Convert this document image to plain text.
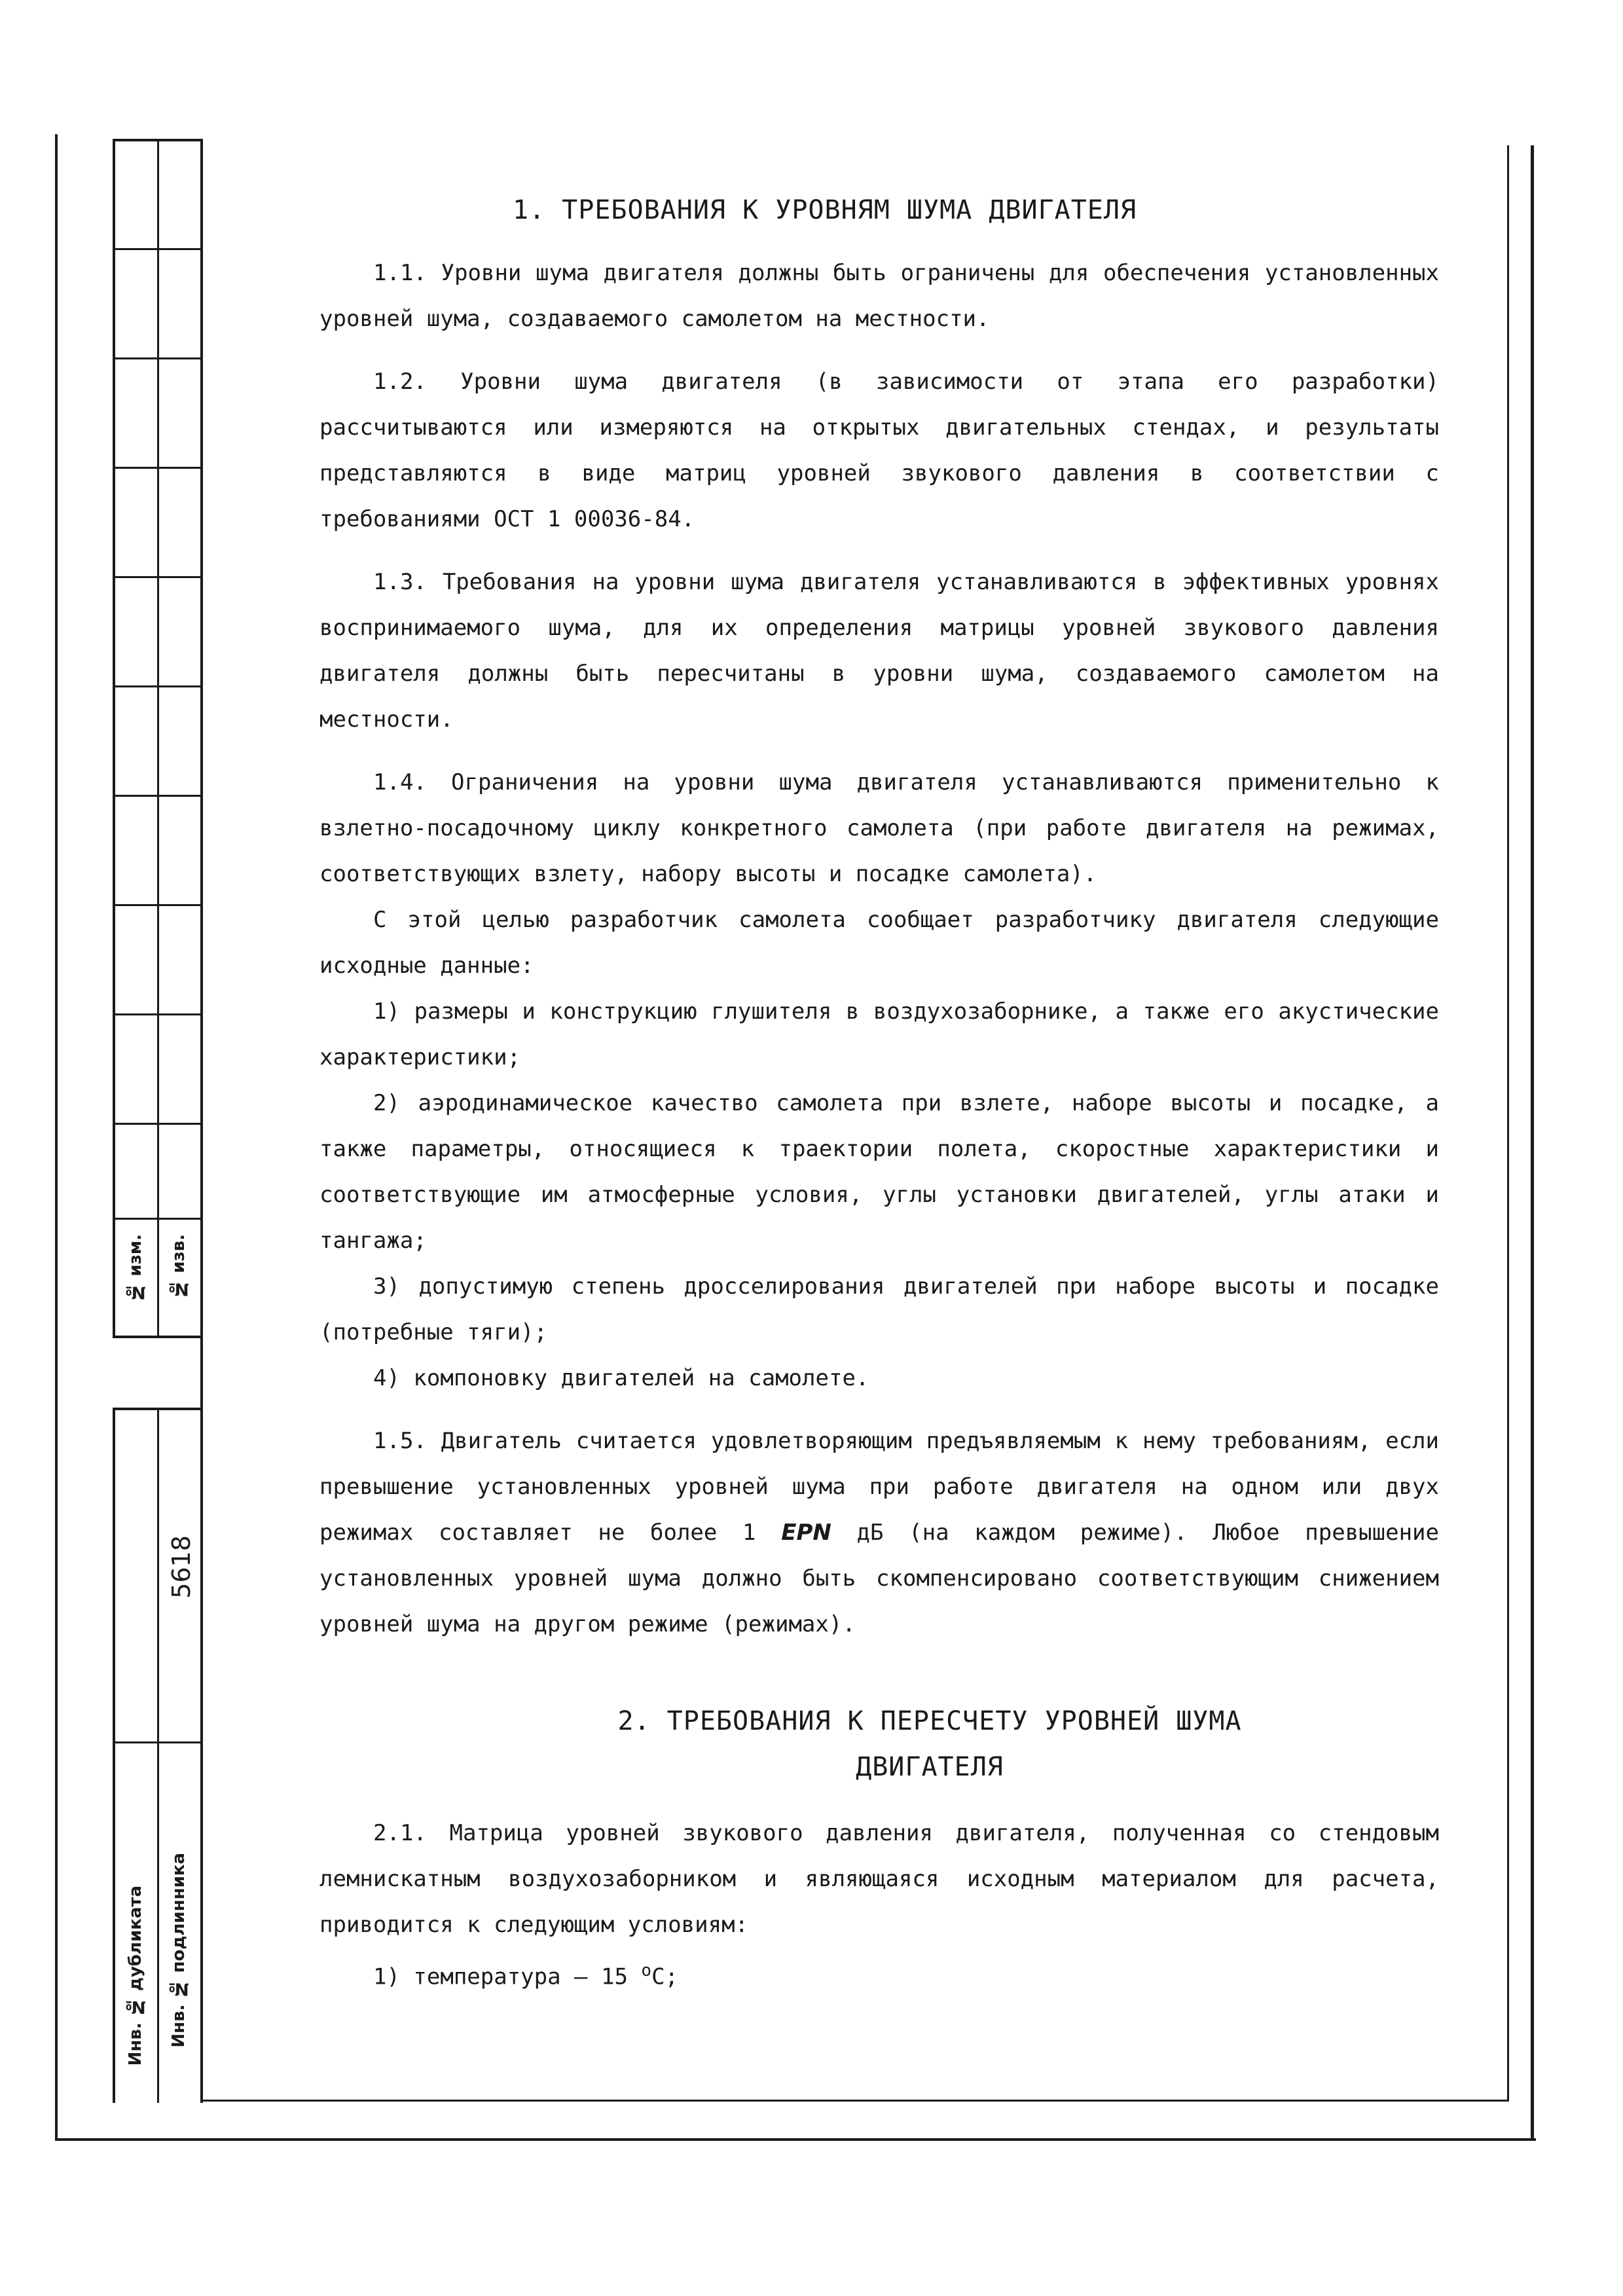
№ изм. № изв.
5618
Инв. № дубликата Инв. № подлинника
1. ТРЕБОВАНИЯ К УРОВНЯМ ШУМА ДВИГАТЕЛЯ

1.1. Уровни шума двигателя должны быть ограничены для обеспечения установленных уровней шума, создаваемого самолетом на местности.

1.2. Уровни шума двигателя (в зависимости от этапа его разработки) рассчитываются или измеряются на открытых двигательных стендах, и результаты представляются в виде матриц уровней звукового давления в соответствии с требованиями ОСТ 1 00036-84.

1.3. Требования на уровни шума двигателя устанавливаются в эффективных уровнях воспринимаемого шума, для их определения матрицы уровней звукового давления двигателя должны быть пересчитаны в уровни шума, создаваемого самолетом на местности.

1.4. Ограничения на уровни шума двигателя устанавливаются применительно к взлетно-посадочному циклу конкретного самолета (при работе двигателя на режимах, соответствующих взлету, набору высоты и посадке самолета).

С этой целью разработчик самолета сообщает разработчику двигателя следующие исходные данные:

1) размеры и конструкцию глушителя в воздухозаборнике, а также его акустические характеристики;

2) аэродинамическое качество самолета при взлете, наборе высоты и посадке, а также параметры, относящиеся к траектории полета, скоростные характеристики и соответствующие им атмосферные условия, углы установки двигателей, углы атаки и тангажа;

3) допустимую степень дросселирования двигателей при наборе высоты и посадке (потребные тяги);

4) компоновку двигателей на самолете.

1.5. Двигатель считается удовлетворяющим предъявляемым к нему требованиям, если превышение установленных уровней шума при работе двигателя на одном или двух режимах составляет не более 1 EPN дБ (на каждом режиме). Любое превышение установленных уровней шума должно быть скомпенсировано соответствующим снижением уровней шума на другом режиме (режимах).

2. ТРЕБОВАНИЯ К ПЕРЕСЧЕТУ УРОВНЕЙ ШУМА
ДВИГАТЕЛЯ

2.1. Матрица уровней звукового давления двигателя, полученная со стендовым лемнискатным воздухозаборником и являющаяся исходным материалом для расчета, приводится к следующим условиям:

1) температура – 15 $^о$С;
